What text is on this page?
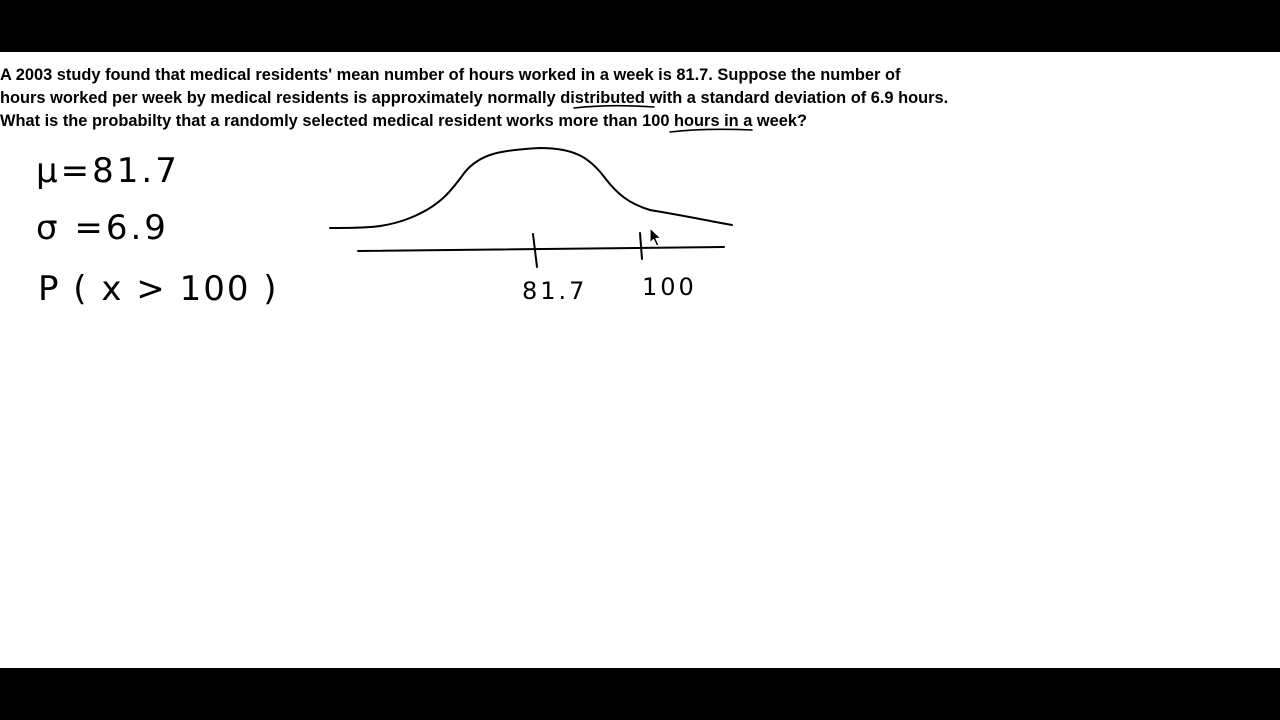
A 2003 study found that medical residents' mean number of hours worked in a week is 81.7. Suppose the number of
hours worked per week by medical residents is approximately normally distributed with a standard deviation of 6.9 hours.
What is the probabilty that a randomly selected medical resident works more than 100 hours in a week?
μ=81.7
σ =6.9
P ( x > 100 )	81.7 100
